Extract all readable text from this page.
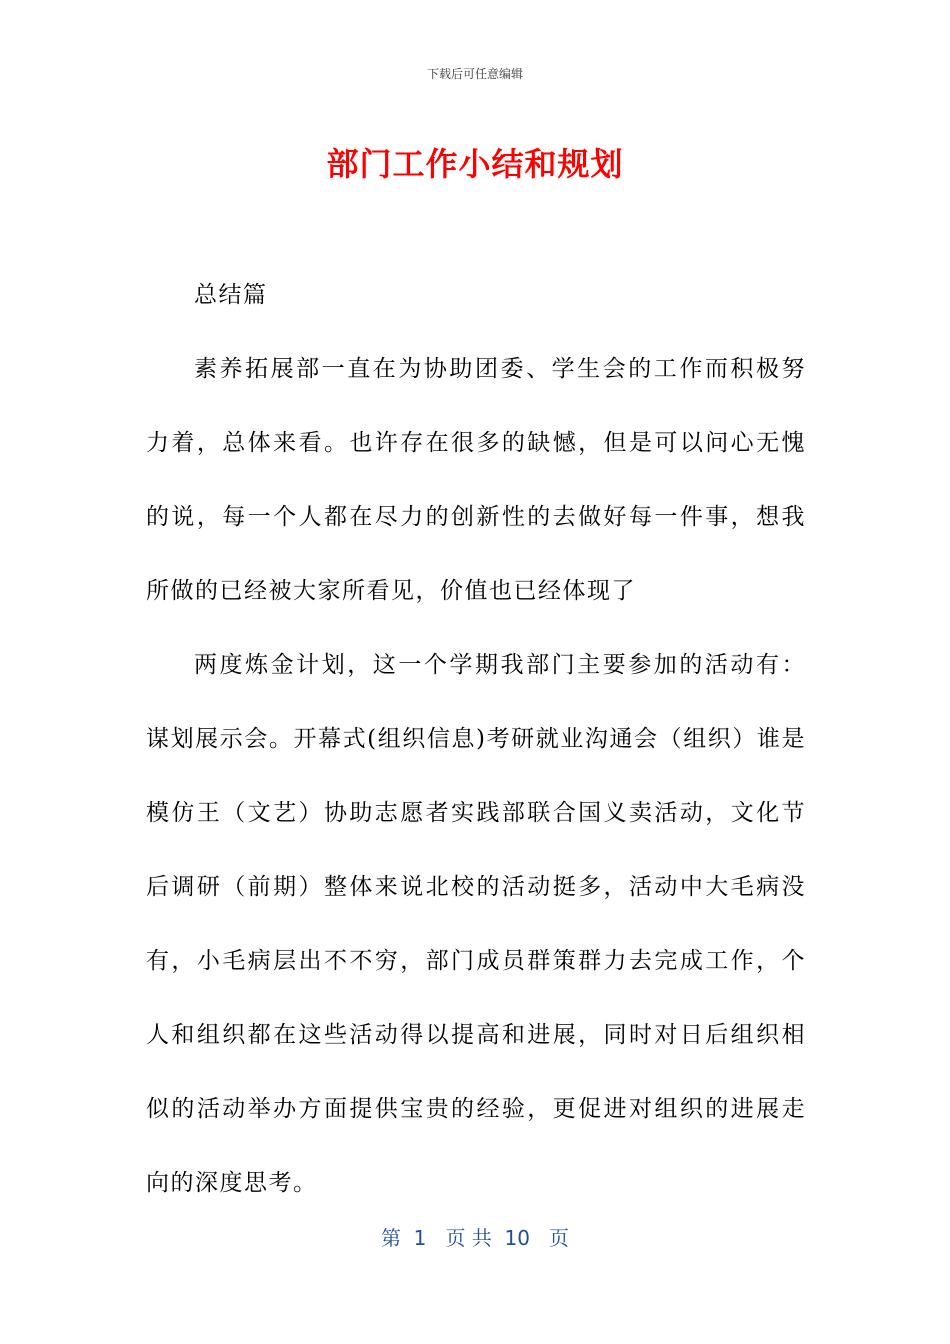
下载后可任意编辑
部门工作小结和规划

总结篇

素养拓展部一直在为协助团委、学生会的工作而积极努力着，总体来看。也许存在很多的缺憾，但是可以问心无愧的说，每一个人都在尽力的创新性的去做好每一件事，想我所做的已经被大家所看见，价值也已经体现了

两度炼金计划，这一个学期我部门主要参加的活动有：谋划展示会。开幕式(组织信息)考研就业沟通会（组织）谁是模仿王（文艺）协助志愿者实践部联合国义卖活动，文化节后调研（前期）整体来说北校的活动挺多，活动中大毛病没有，小毛病层出不不穷，部门成员群策群力去完成工作，个人和组织都在这些活动得以提高和进展，同时对日后组织相似的活动举办方面提供宝贵的经验，更促进对组织的进展走向的深度思考。

第  1   页 共  10   页
